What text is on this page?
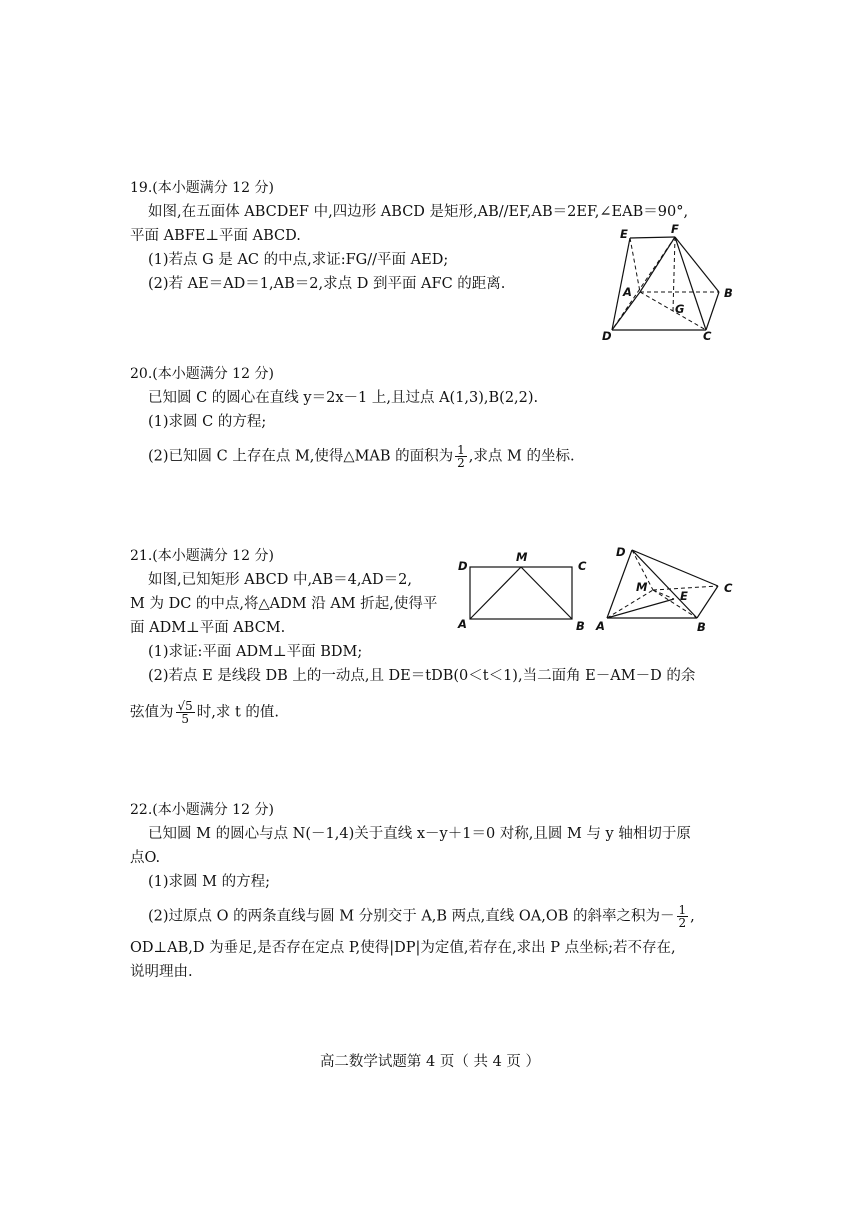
19.(本小题满分 12 分)
如图,在五面体 ABCDEF 中,四边形 ABCD 是矩形,AB//EF,AB＝2EF,∠EAB＝90°,
平面 ABFE⊥平面 ABCD.
(1)若点 G 是 AC 的中点,求证:FG//平面 AED;
(2)若 AE＝AD＝1,AB＝2,求点 D 到平面 AFC 的距离.
E	F
A	B
G
D	C
20.(本小题满分 12 分)
已知圆 C 的圆心在直线 y＝2x－1 上,且过点 A(1,3),B(2,2).
(1)求圆 C 的方程;
(2)已知圆 C 上存在点 M,使得△MAB 的面积为 $\frac{1}{2}$ ,求点 M 的坐标.
21.(本小题满分 12 分)
如图,已知矩形 ABCD 中,AB＝4,AD＝2,
M 为 DC 的中点,将△ADM 沿 AM 折起,使得平
面 ADM⊥平面 ABCM.
(1)求证:平面 ADM⊥平面 BDM;
(2)若点 E 是线段 DB 上的一动点,且 DE＝tDB(0＜t＜1),当二面角 E－AM－D 的余
弦值为 $\frac{√5}{5}$ 时,求 t 的值.
D
M
C
A	B
D
M
E
C
A	B
22.(本小题满分 12 分)
已知圆 M 的圆心与点 N(－1,4)关于直线 x－y＋1＝0 对称,且圆 M 与 y 轴相切于原
点O.
(1)求圆 M 的方程;
(2)过原点 O 的两条直线与圆 M 分别交于 A,B 两点,直线 OA,OB 的斜率之积为－ $\frac{1}{2}$ ,
OD⊥AB,D 为垂足,是否存在定点 P,使得|DP|为定值,若存在,求出 P 点坐标;若不存在,
说明理由.
高二数学试题第 4 页（ 共 4 页 ）
